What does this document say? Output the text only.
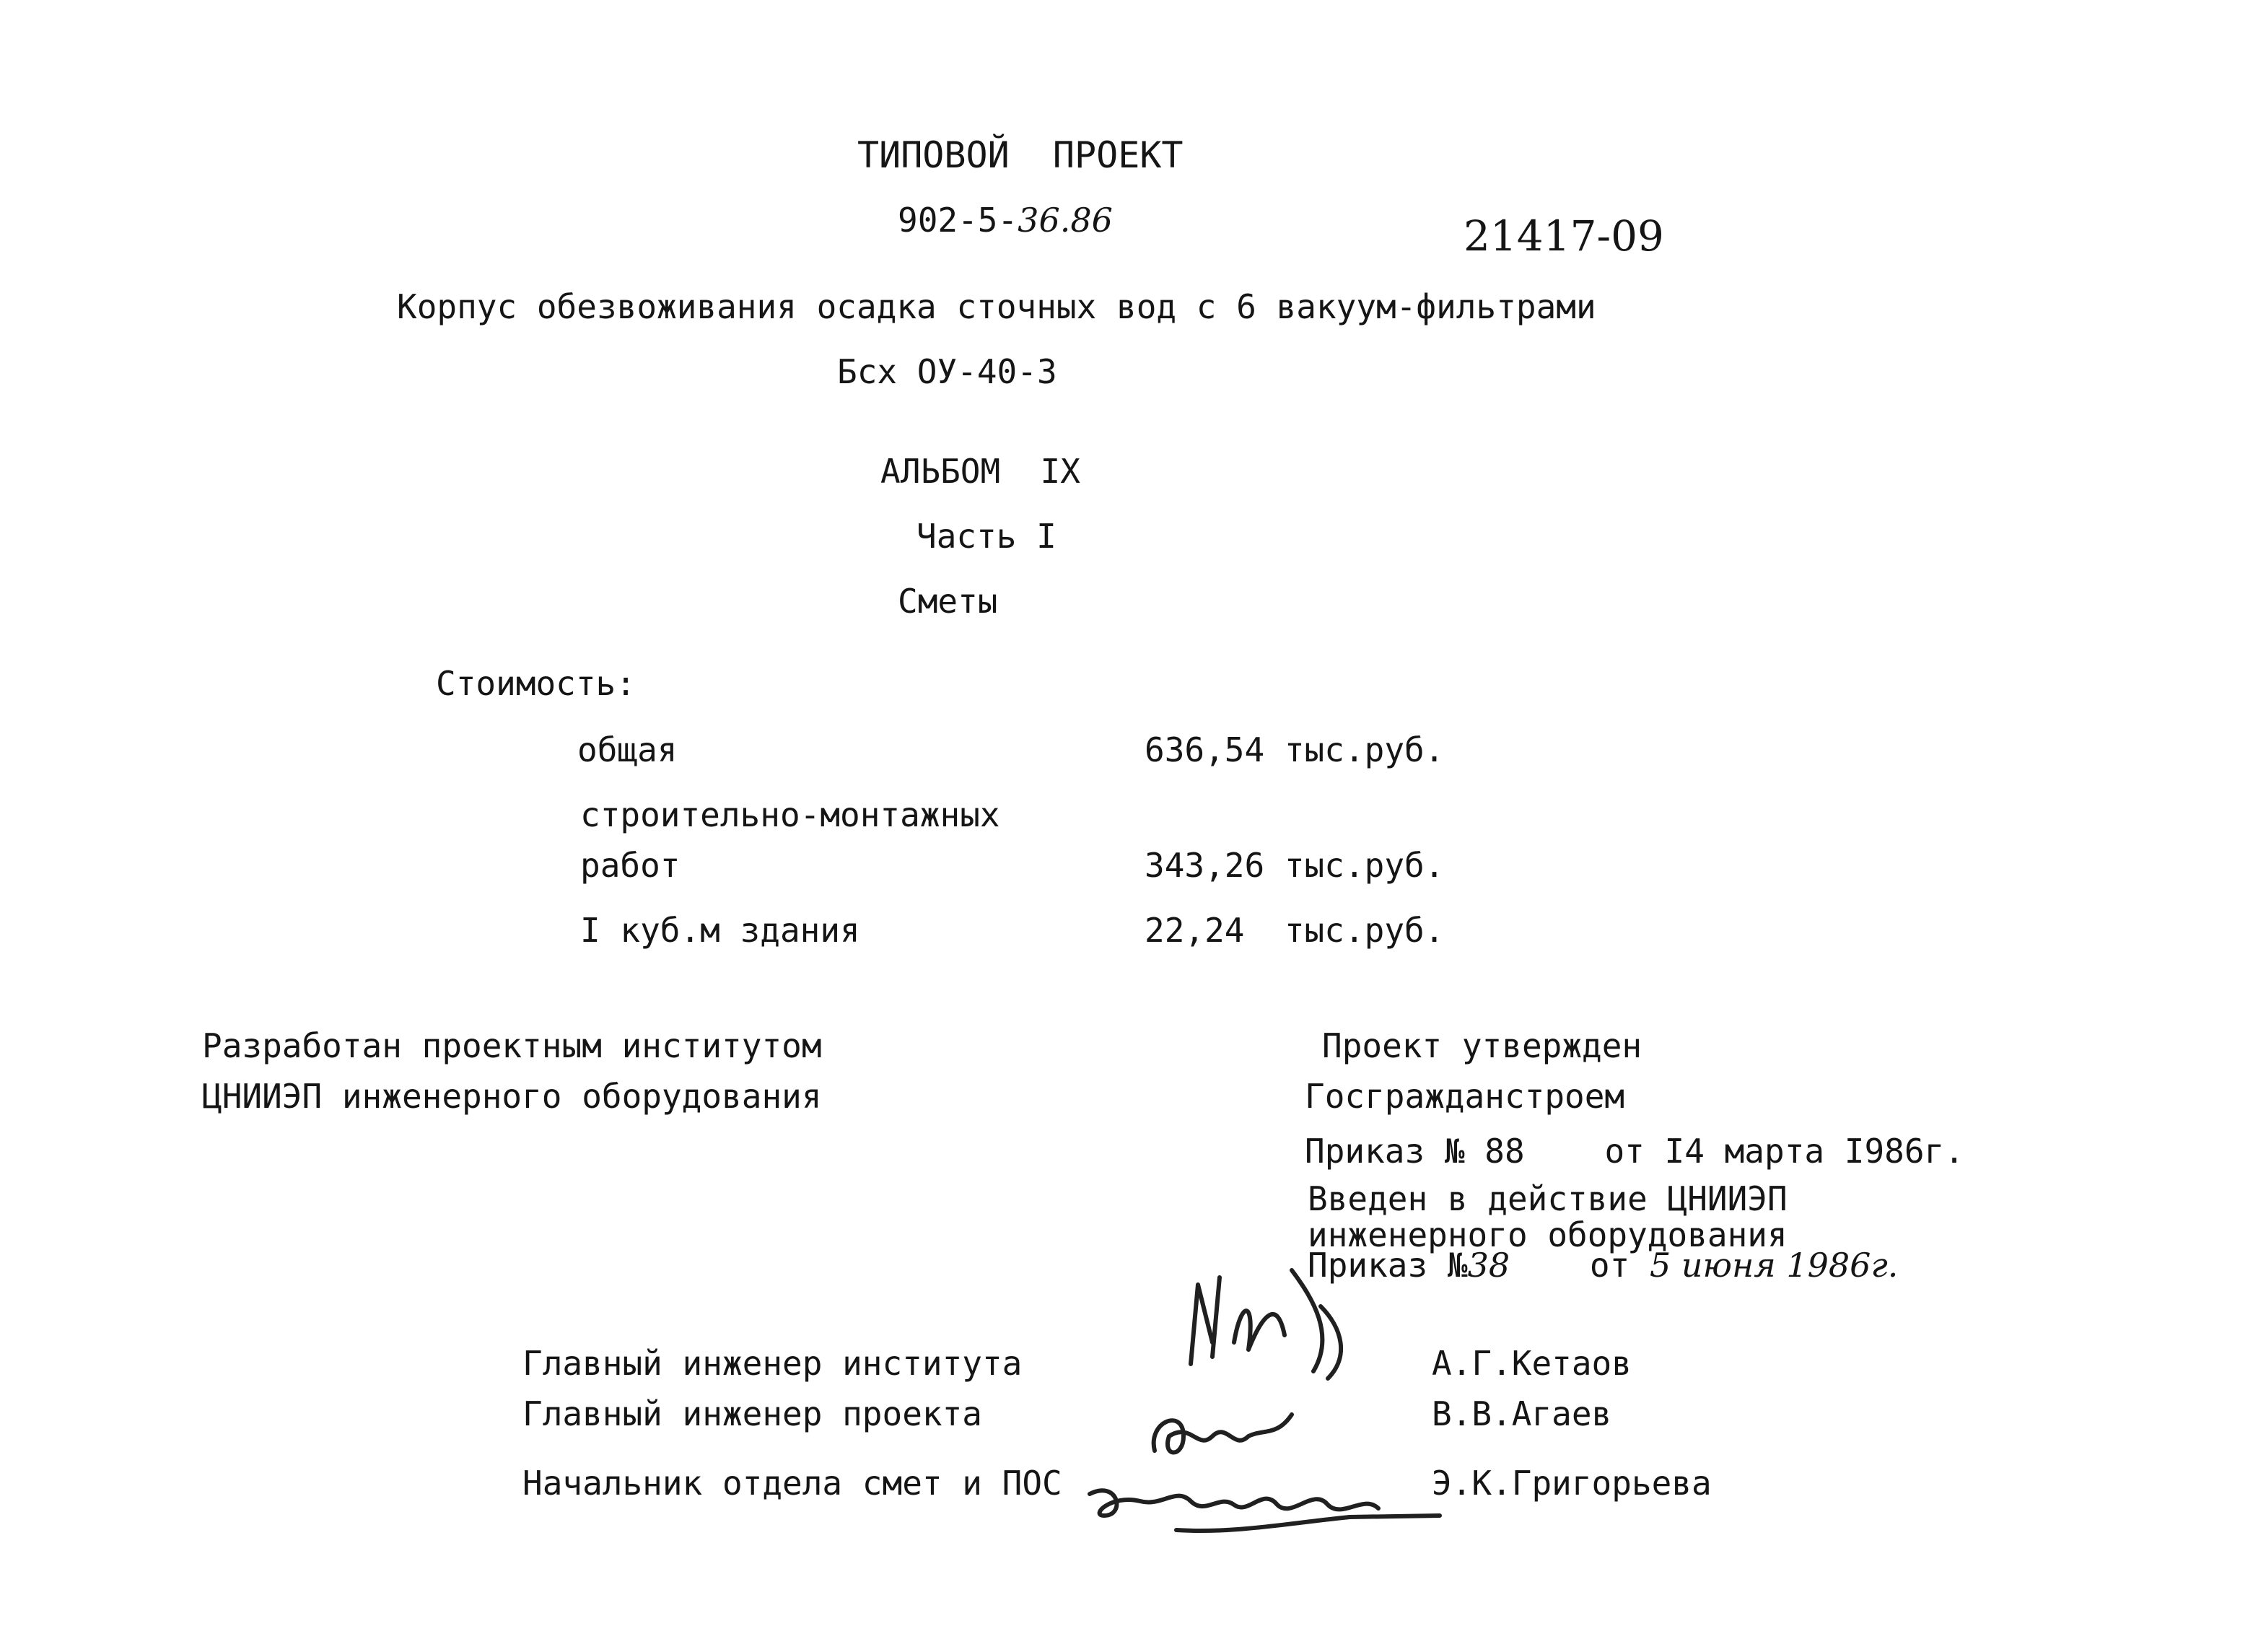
ТИПОВОЙ  ПРОЕКТ
902-5-36.86	21417-09
Корпус обезвоживания осадка сточных вод с 6 вакуум-фильтрами
Бсх ОУ-40-3
АЛЬБОМ  IX
Часть I
Сметы
Стоимость:
общая	636,54 тыс.руб.
строительно-монтажных
работ	343,26 тыс.руб.
I куб.м здания	22,24  тыс.руб.
Разработан проектным институтом
ЦНИИЭП инженерного оборудования
Проект утвержден
Госгражданстроем
Приказ № 88 от I4 марта I986г.
Введен в действие ЦНИИЭП
инженерного оборудования
Приказ №38 от 5 июня 1986г.
Главный инженер института	А.Г.Кетаов
Главный инженер проекта	В.В.Агаев
Начальник отдела смет и ПОС	Э.К.Григорьева
